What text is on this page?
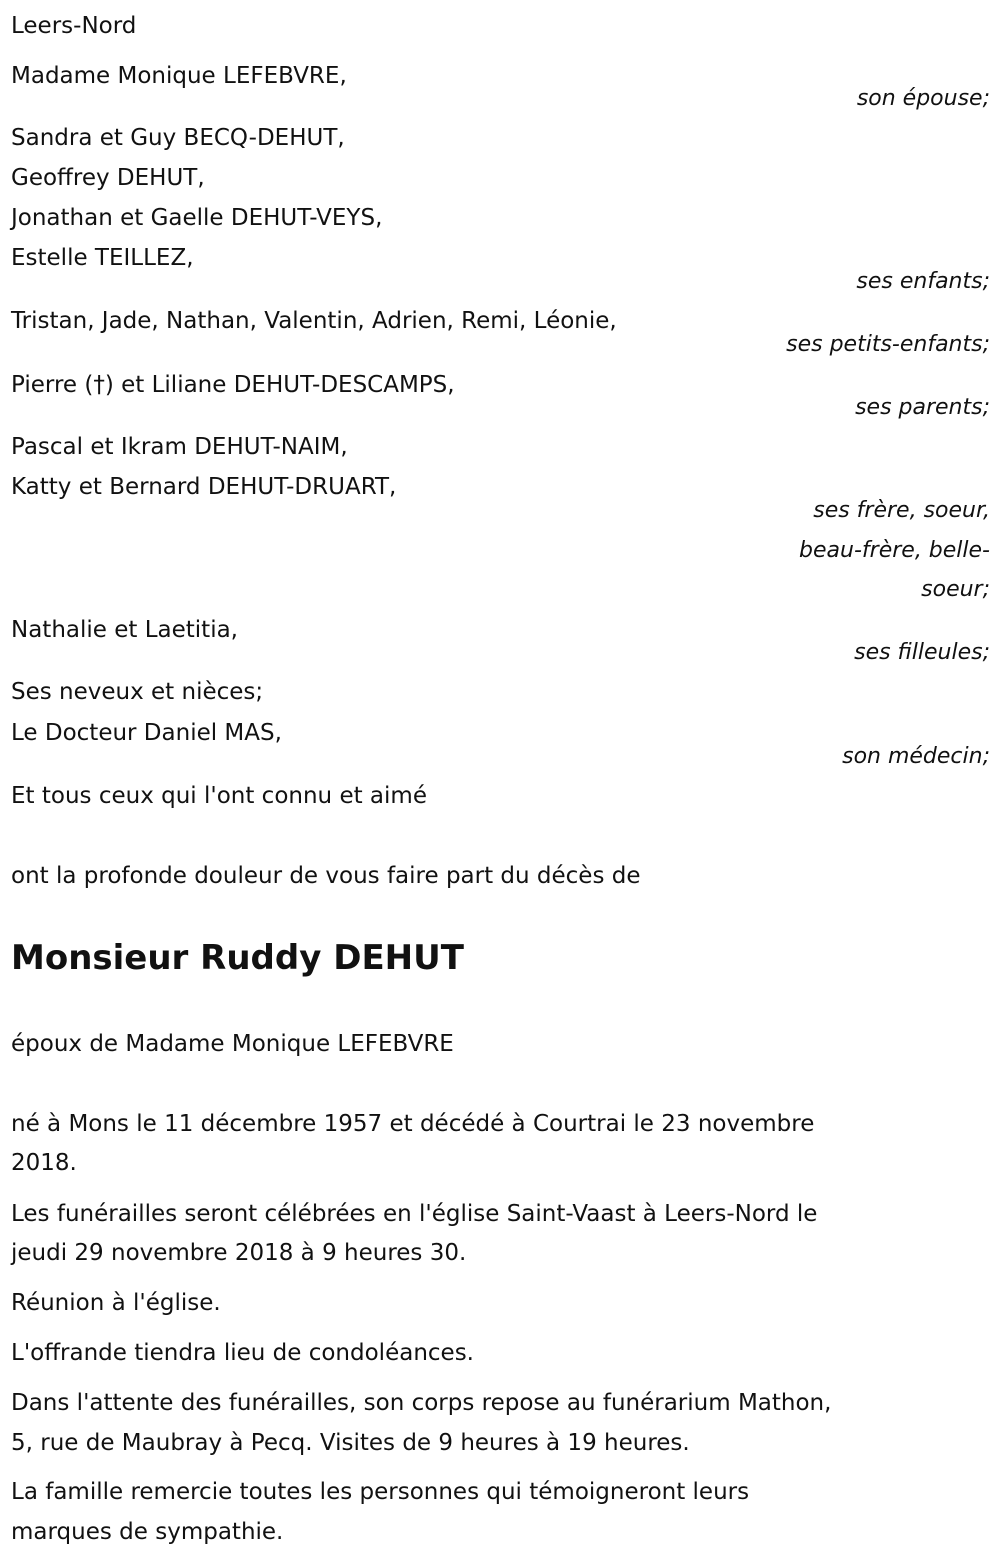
Leers-Nord
Madame Monique LEFEBVRE,
son épouse;
Sandra et Guy BECQ-DEHUT,
Geoffrey DEHUT,
Jonathan et Gaelle DEHUT-VEYS,
Estelle TEILLEZ,
ses enfants;
Tristan, Jade, Nathan, Valentin, Adrien, Remi, Léonie,
ses petits-enfants;
Pierre (†) et Liliane DEHUT-DESCAMPS,
ses parents;
Pascal et Ikram DEHUT-NAIM,
Katty et Bernard DEHUT-DRUART,
ses frère, soeur,
beau-frère, belle-
soeur;
Nathalie et Laetitia,
ses filleules;
Ses neveux et nièces;
Le Docteur Daniel MAS,
son médecin;
Et tous ceux qui l'ont connu et aimé
ont la profonde douleur de vous faire part du décès de
Monsieur Ruddy DEHUT
époux de Madame Monique LEFEBVRE
né à Mons le 11 décembre 1957 et décédé à Courtrai le 23 novembre
2018.
Les funérailles seront célébrées en l'église Saint-Vaast à Leers-Nord le
jeudi 29 novembre 2018 à 9 heures 30.
Réunion à l'église.
L'offrande tiendra lieu de condoléances.
Dans l'attente des funérailles, son corps repose au funérarium Mathon,
5, rue de Maubray à Pecq. Visites de 9 heures à 19 heures.
La famille remercie toutes les personnes qui témoigneront leurs
marques de sympathie.
